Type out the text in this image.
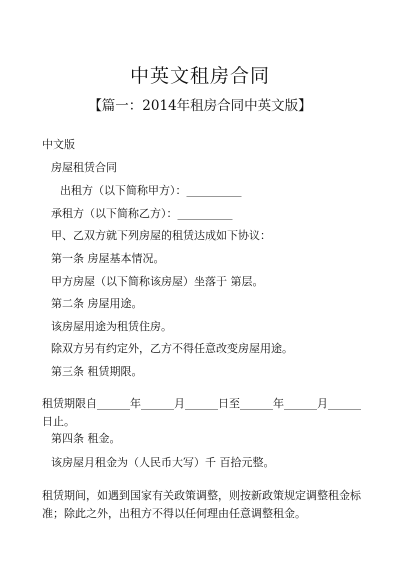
中英文租房合同
【篇一：2014年租房合同中英文版】
中文版
房屋租赁合同
出租方（以下简称甲方）：__________
承租方（以下简称乙方）：__________
甲、乙双方就下列房屋的租赁达成如下协议：
第一条 房屋基本情况。
甲方房屋（以下简称该房屋）坐落于 第层。
第二条 房屋用途。
该房屋用途为租赁住房。
除双方另有约定外，乙方不得任意改变房屋用途。
第三条 租赁期限。
租赁期限自______年______月______日至______年______月______日止。
第四条 租金。
该房屋月租金为（人民币大写）千 百拾元整。
租赁期间，如遇到国家有关政策调整，则按新政策规定调整租金标准；除此之外，出租方不得以任何理由任意调整租金。
